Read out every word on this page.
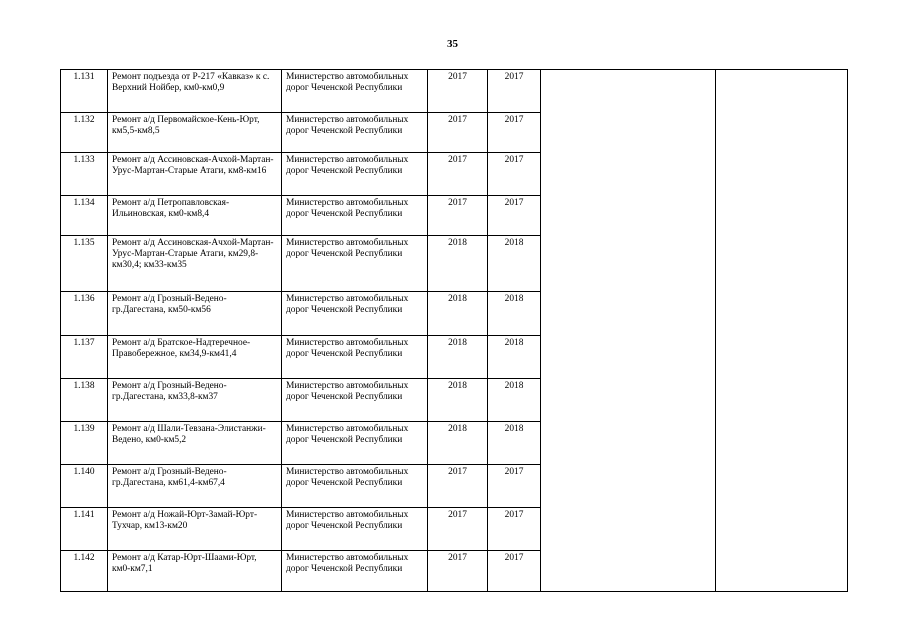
35
1.131	Ремонт подъезда от Р-217 «Кавказ» к с. Верхний Нойбер, км0-км0,9	Министерство автомобильных дорог Чеченской Республики	2017	2017		
1.132	Ремонт а/д Первомайское-Кень-Юрт, км5,5-км8,5	Министерство автомобильных дорог Чеченской Республики	2017	2017		
1.133	Ремонт а/д Ассиновская-Ачхой-Мартан-Урус-Мартан-Старые Атаги, км8-км16	Министерство автомобильных дорог Чеченской Республики	2017	2017		
1.134	Ремонт а/д Петропавловская-Ильиновская, км0-км8,4	Министерство автомобильных дорог Чеченской Республики	2017	2017		
1.135	Ремонт а/д Ассиновская-Ачхой-Мартан-Урус-Мартан-Старые Атаги, км29,8-км30,4; км33-км35	Министерство автомобильных дорог Чеченской Республики	2018	2018		
1.136	Ремонт а/д Грозный-Ведено-гр.Дагестана, км50-км56	Министерство автомобильных дорог Чеченской Республики	2018	2018		
1.137	Ремонт а/д Братское-Надтеречное-Правобережное, км34,9-км41,4	Министерство автомобильных дорог Чеченской Республики	2018	2018		
1.138	Ремонт а/д Грозный-Ведено-гр.Дагестана, км33,8-км37	Министерство автомобильных дорог Чеченской Республики	2018	2018		
1.139	Ремонт а/д Шали-Тевзана-Элистанжи-Ведено, км0-км5,2	Министерство автомобильных дорог Чеченской Республики	2018	2018		
1.140	Ремонт а/д Грозный-Ведено-гр.Дагестана, км61,4-км67,4	Министерство автомобильных дорог Чеченской Республики	2017	2017		
1.141	Ремонт а/д Ножай-Юрт-Замай-Юрт-Тухчар, км13-км20	Министерство автомобильных дорог Чеченской Республики	2017	2017		
1.142	Ремонт а/д Катар-Юрт-Шаами-Юрт, км0-км7,1	Министерство автомобильных дорог Чеченской Республики	2017	2017		
